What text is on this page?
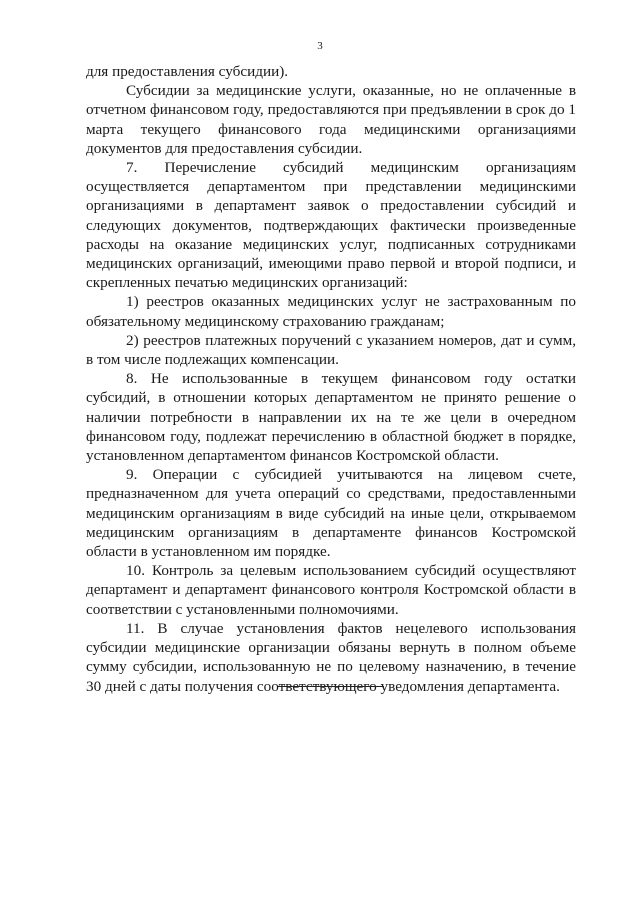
3

для предоставления субсидии).

Субсидии за медицинские услуги, оказанные, но не оплаченные в отчетном финансовом году, предоставляются при предъявлении в срок до 1 марта текущего финансового года медицинскими организациями документов для предоставления субсидии.

7. Перечисление субсидий медицинским организациям осуществляется департаментом при представлении медицинскими организациями в департамент заявок о предоставлении субсидий и следующих документов, подтверждающих фактически произведенные расходы на оказание медицинских услуг, подписанных сотрудниками медицинских организаций, имеющими право первой и второй подписи, и скрепленных печатью медицинских организаций:

1) реестров оказанных медицинских услуг не застрахованным по обязательному медицинскому страхованию гражданам;

2) реестров платежных поручений с указанием номеров, дат и сумм, в том числе подлежащих компенсации.

8. Не использованные в текущем финансовом году остатки субсидий, в отношении которых департаментом не принято решение о наличии потребности в направлении их на те же цели в очередном финансовом году, подлежат перечислению в областной бюджет в порядке, установленном департаментом финансов Костромской области.

9. Операции с субсидией учитываются на лицевом счете, предназначенном для учета операций со средствами, предоставленными медицинским организациям в виде субсидий на иные цели, открываемом медицинским организациям в департаменте финансов Костромской области в установленном им порядке.

10. Контроль за целевым использованием субсидий осуществляют департамент и департамент финансового контроля Костромской области в соответствии с установленными полномочиями.

11. В случае установления фактов нецелевого использования субсидии медицинские организации обязаны вернуть в полном объеме сумму субсидии, использованную не по целевому назначению, в течение 30 дней с даты получения соответствующего уведомления департамента.
